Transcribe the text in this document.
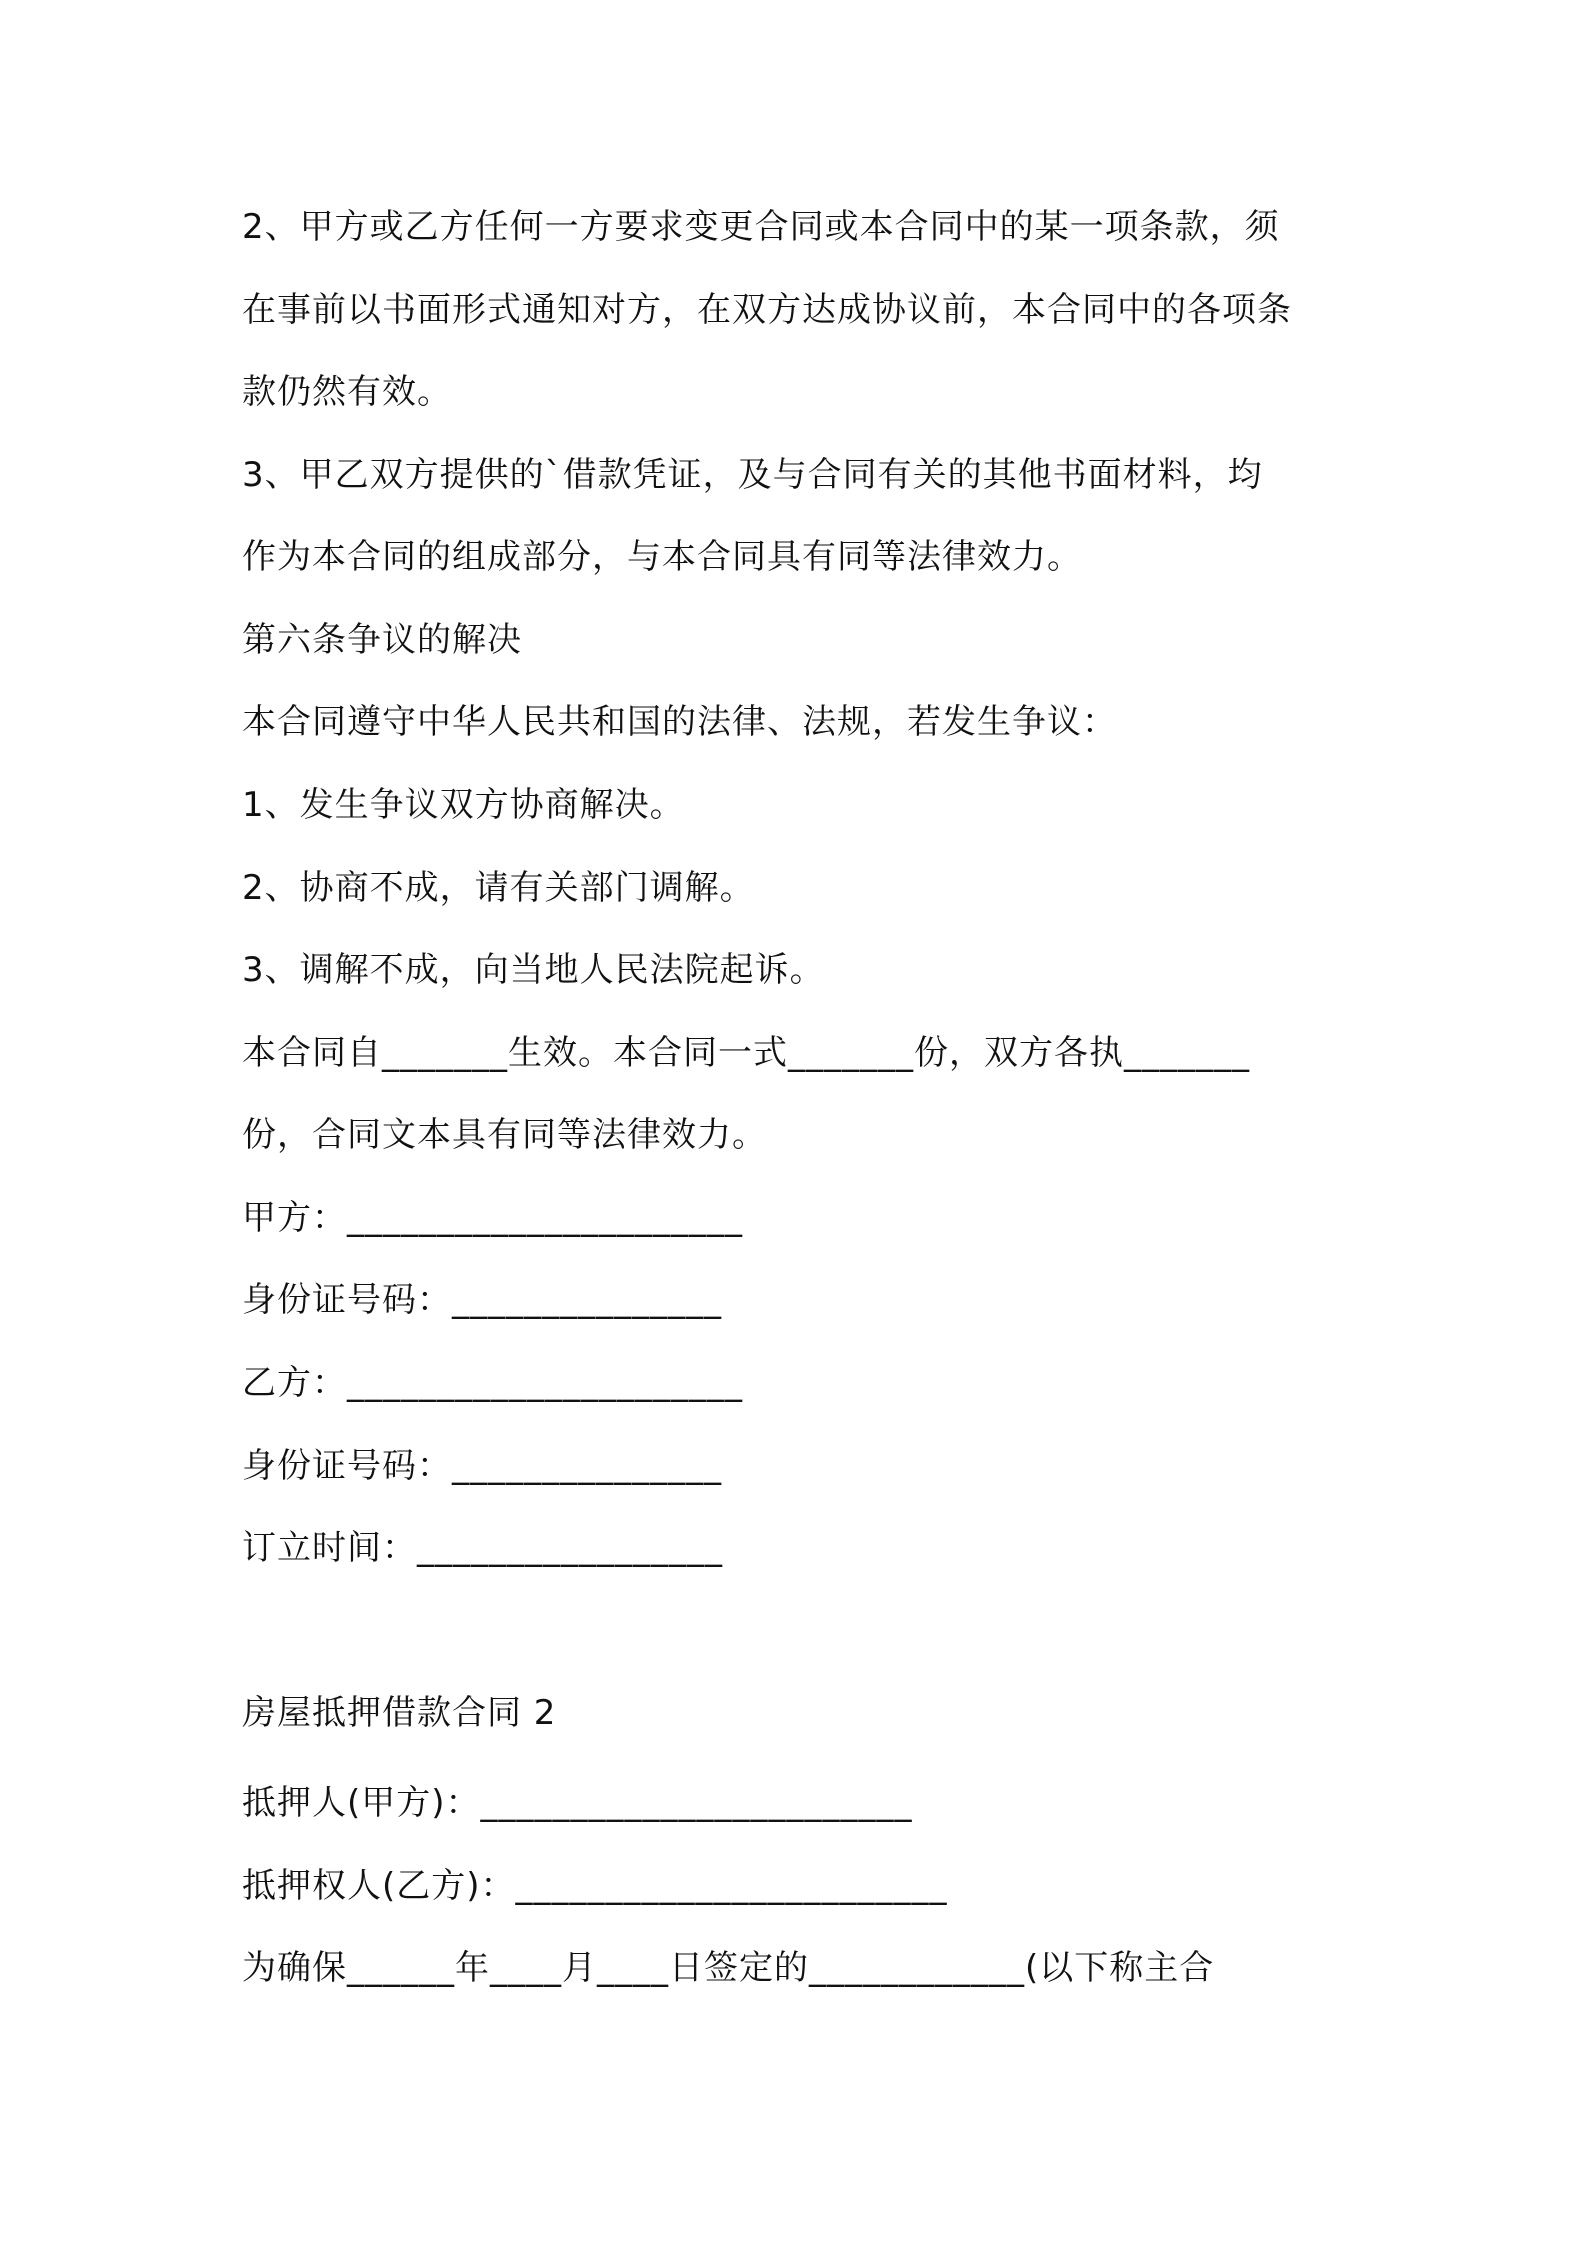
2、甲方或乙方任何一方要求变更合同或本合同中的某一项条款，须
在事前以书面形式通知对方，在双方达成协议前，本合同中的各项条
款仍然有效。
3、甲乙双方提供的`借款凭证，及与合同有关的其他书面材料，均
作为本合同的组成部分，与本合同具有同等法律效力。
第六条争议的解决
本合同遵守中华人民共和国的法律、法规，若发生争议：
1、发生争议双方协商解决。
2、协商不成，请有关部门调解。
3、调解不成，向当地人民法院起诉。
本合同自_______生效。本合同一式_______份，双方各执_______
份，合同文本具有同等法律效力。
甲方：______________________
身份证号码：_______________
乙方：______________________
身份证号码：_______________
订立时间：_________________
房屋抵押借款合同 2
抵押人(甲方)：________________________
抵押权人(乙方)：________________________
为确保______年____月____日签定的____________(以下称主合
